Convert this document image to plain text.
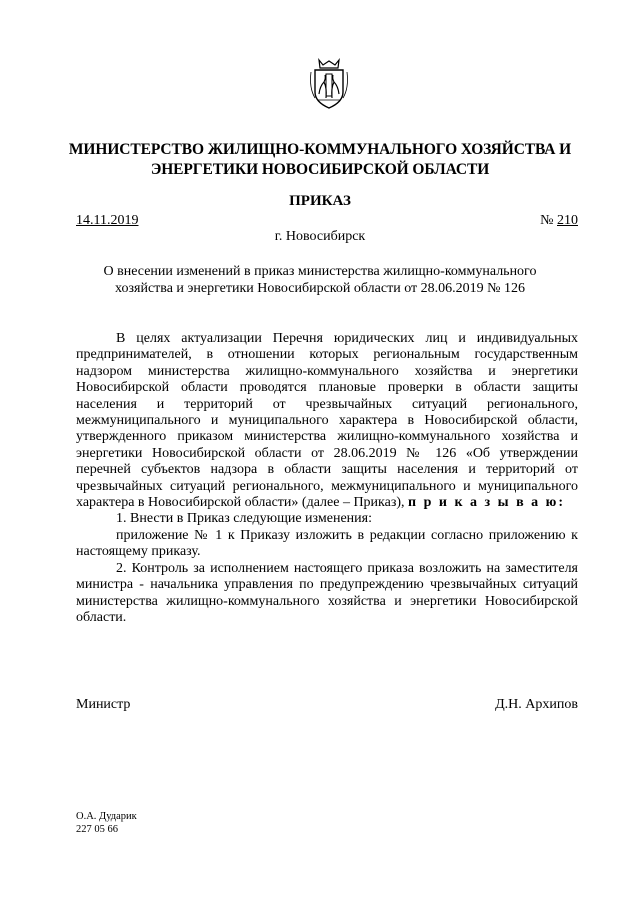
МИНИСТЕРСТВО ЖИЛИЩНО-КОММУНАЛЬНОГО ХОЗЯЙСТВА И
ЭНЕРГЕТИКИ НОВОСИБИРСКОЙ ОБЛАСТИ
ПРИКАЗ
14.11.2019	№ 210
г. Новосибирск
О внесении изменений в приказ министерства жилищно-коммунального
хозяйства и энергетики Новосибирской области от 28.06.2019 № 126

В целях актуализации Перечня юридических лиц и индивидуальных предпринимателей, в отношении которых региональным государственным надзором министерства жилищно-коммунального хозяйства и энергетики Новосибирской области проводятся плановые проверки в области защиты населения и территорий от чрезвычайных ситуаций регионального, межмуниципального и муниципального характера в Новосибирской области, утвержденного приказом министерства жилищно-коммунального хозяйства и энергетики Новосибирской области от 28.06.2019 № 126 «Об утверждении перечней субъектов надзора в области защиты населения и территорий от чрезвычайных ситуаций регионального, межмуниципального и муниципального характера в Новосибирской области» (далее – Приказ), п р и к а з ы в а ю:

1. Внести в Приказ следующие изменения:

приложение № 1 к Приказу изложить в редакции согласно приложению к настоящему приказу.

2. Контроль за исполнением настоящего приказа возложить на заместителя министра - начальника управления по предупреждению чрезвычайных ситуаций министерства жилищно-коммунального хозяйства и энергетики Новосибирской области.

Министр	Д.Н. Архипов
О.А. Дударик
227 05 66
